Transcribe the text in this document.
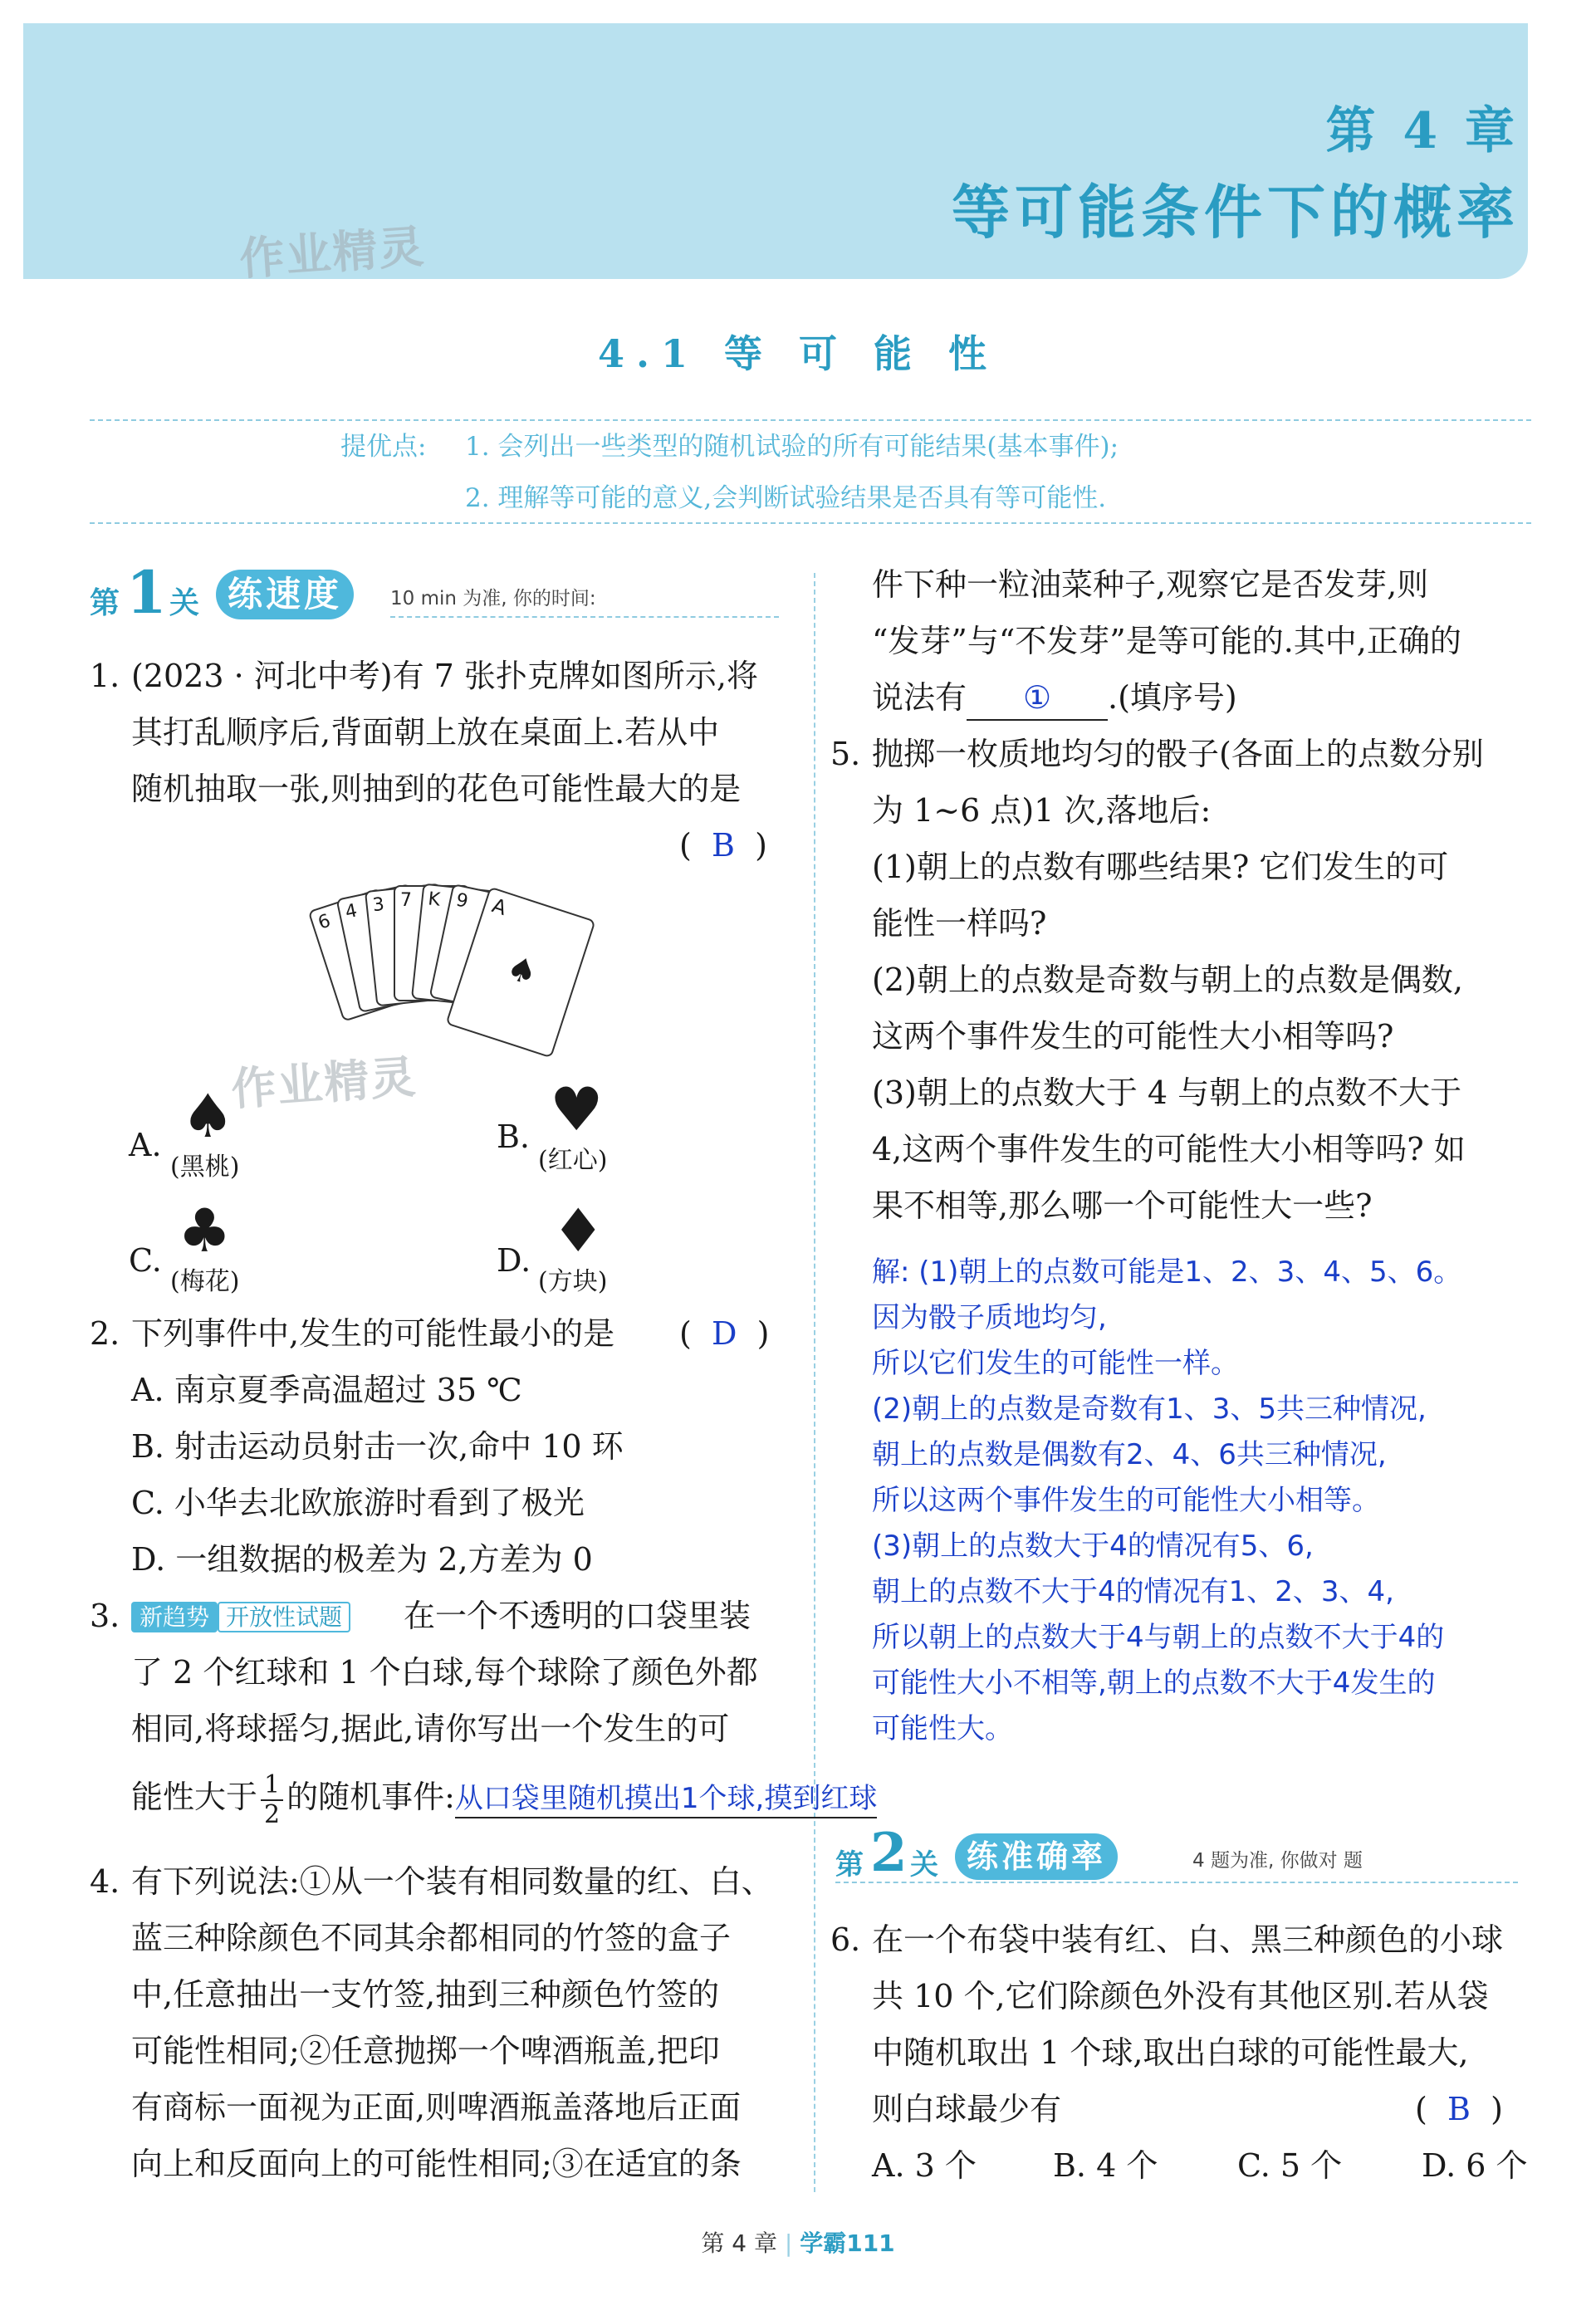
第 4 章
等可能条件下的概率
作业精灵
4.1 等 可 能 性
提优点: 1. 会列出一些类型的随机试验的所有可能结果(基本事件);
2. 理解等可能的意义,会判断试验结果是否具有等可能性.
第 1 关 练速度	10 min 为准, 你的时间:
1. (2023 · 河北中考)有 7 张扑克牌如图所示,将
其打乱顺序后,背面朝上放在桌面上.若从中
随机抽取一张,则抽到的花色可能性最大的是
(  B  )
6 4 3 7 K 9 A
♠
作业精灵
A. ♠
(黑桃)
B. ♥
(红心)
C. ♣
(梅花)
D. ♦
(方块)
2. 下列事件中,发生的可能性最小的是 (  D  )
A. 南京夏季高温超过 35 ℃
B. 射击运动员射击一次,命中 10 环
C. 小华去北欧旅游时看到了极光
D. 一组数据的极差为 2,方差为 0
3. 新趋势 开放性试题 在一个不透明的口袋里装
了 2 个红球和 1 个白球,每个球除了颜色外都
相同,将球摇匀,据此,请你写出一个发生的可
能性大于 $\frac{1}{2}$ 的随机事件:从口袋里随机摸出1个球,摸到红球
4. 有下列说法:①从一个装有相同数量的红、白、
蓝三种除颜色不同其余都相同的竹签的盒子
中,任意抽出一支竹签,抽到三种颜色竹签的
可能性相同;②任意抛掷一个啤酒瓶盖,把印
有商标一面视为正面,则啤酒瓶盖落地后正面
向上和反面向上的可能性相同;③在适宜的条
件下种一粒油菜种子,观察它是否发芽,则
“发芽”与“不发芽”是等可能的.其中,正确的
说法有 ① .(填序号)
5. 抛掷一枚质地均匀的骰子(各面上的点数分别
为 1~6 点)1 次,落地后:
(1)朝上的点数有哪些结果? 它们发生的可
能性一样吗?
(2)朝上的点数是奇数与朝上的点数是偶数,
这两个事件发生的可能性大小相等吗?
(3)朝上的点数大于 4 与朝上的点数不大于
4,这两个事件发生的可能性大小相等吗? 如
果不相等,那么哪一个可能性大一些?
解: (1)朝上的点数可能是1、2、3、4、5、6。
因为骰子质地均匀,
所以它们发生的可能性一样。
(2)朝上的点数是奇数有1、3、5共三种情况,
朝上的点数是偶数有2、4、6共三种情况,
所以这两个事件发生的可能性大小相等。
(3)朝上的点数大于4的情况有5、6,
朝上的点数不大于4的情况有1、2、3、4,
所以朝上的点数大于4与朝上的点数不大于4的
可能性大小不相等,朝上的点数不大于4发生的
可能性大。
第 2 关 练准确率	4 题为准, 你做对 题
6. 在一个布袋中装有红、白、黑三种颜色的小球
共 10 个,它们除颜色外没有其他区别.若从袋
中随机取出 1 个球,取出白球的可能性最大,
则白球最少有	(  B  )
A. 3 个 B. 4 个	C. 5 个	D. 6 个
第 4 章 | 学霸111
